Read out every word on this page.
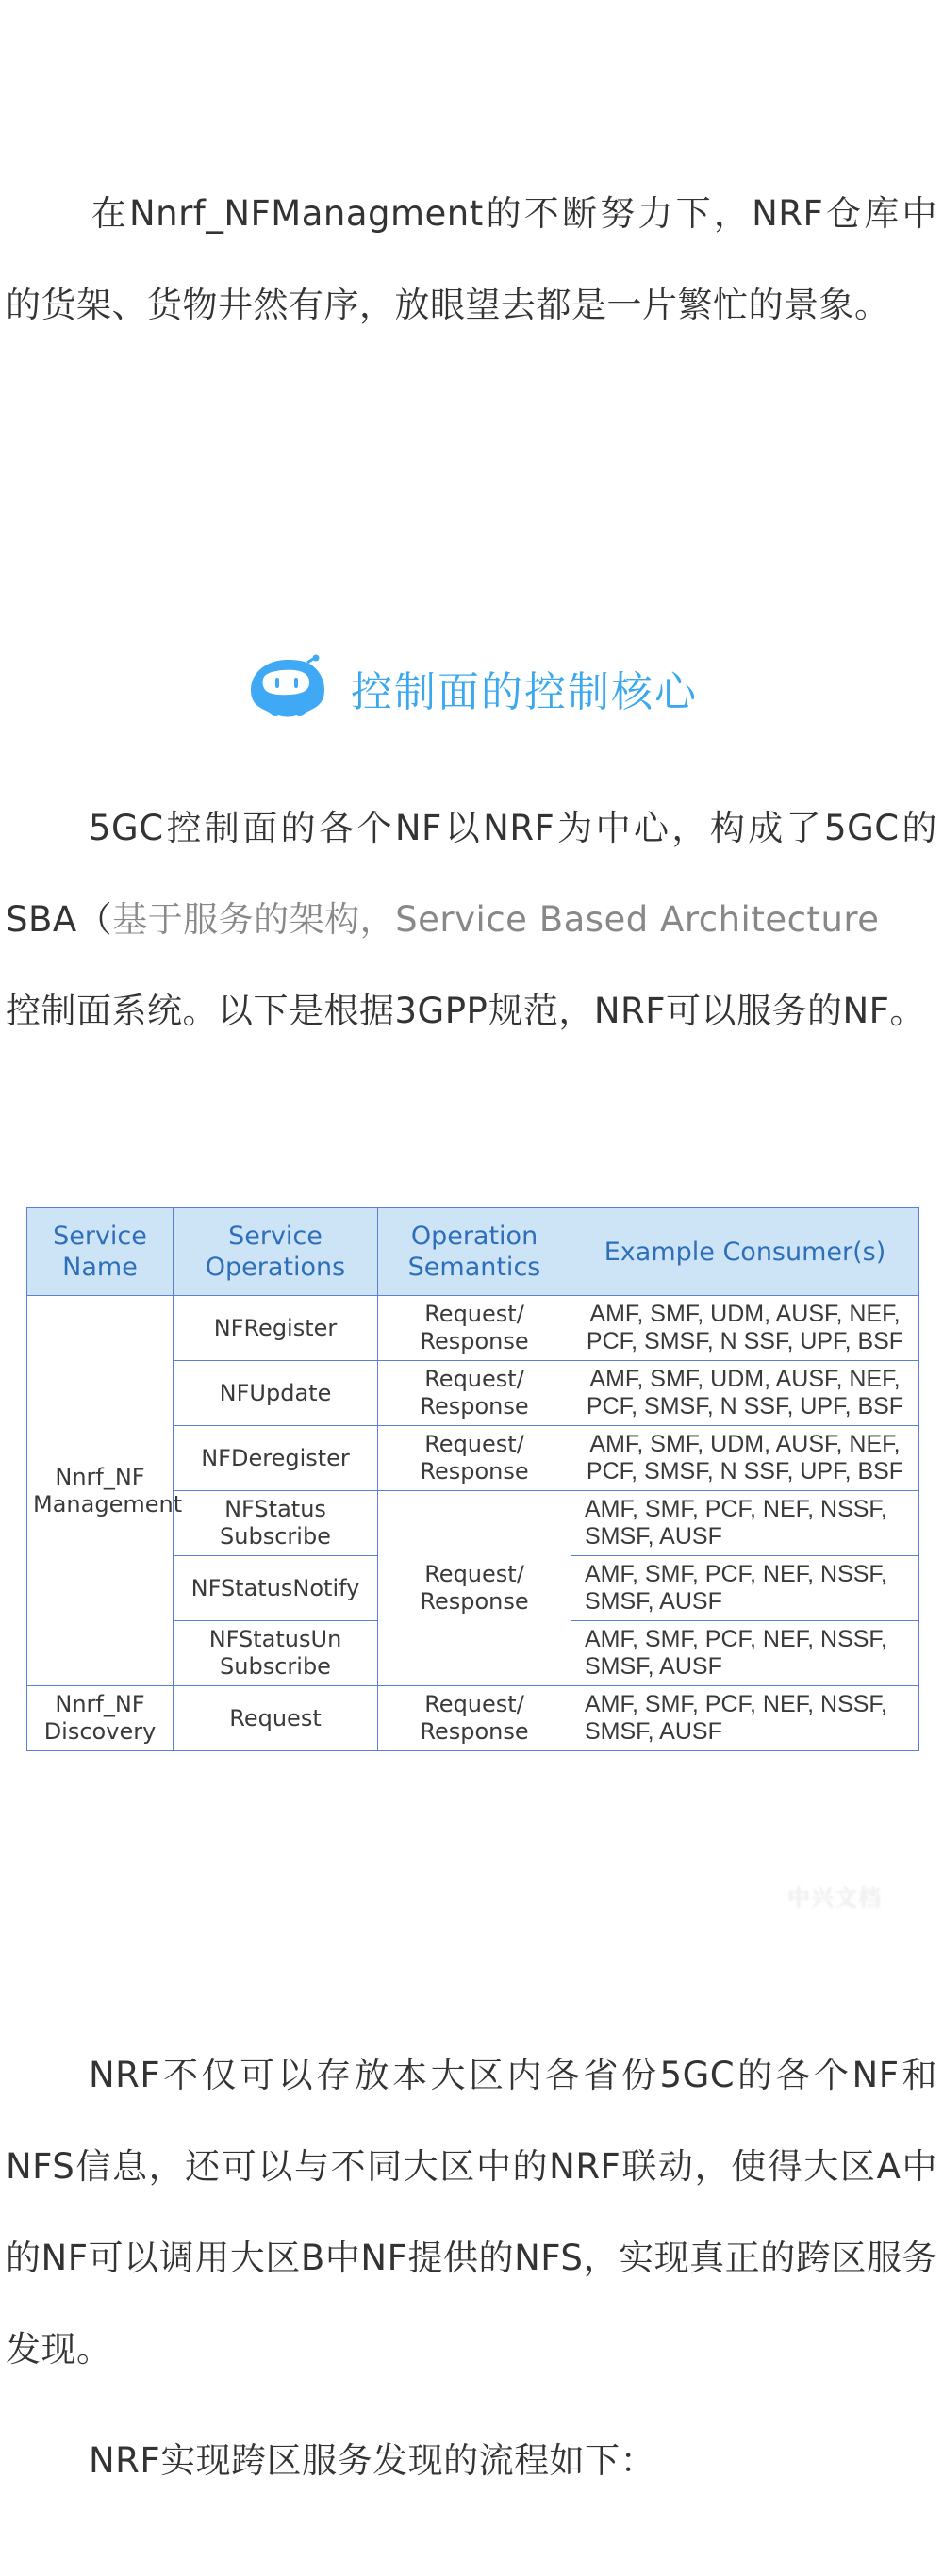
在Nnrf_NFManagment的不断努力下，NRF仓库中的货架、货物井然有序，放眼望去都是一片繁忙的景象。

控制面的控制核心

5GC控制面的各个NF以NRF为中心，构成了5GC的SBA（基于服务的架构，Service Based Architecture
控制面系统。以下是根据3GPP规范，NRF可以服务的NF。

Service Name	Service Operations	Operation Semantics	Example Consumer(s)
Nnrf_NF Management	NFRegister	Request/ Response	AMF, SMF, UDM, AUSF, NEF, PCF, SMSF, N SSF, UPF, BSF
	NFUpdate	Request/ Response	AMF, SMF, UDM, AUSF, NEF, PCF, SMSF, N SSF, UPF, BSF
	NFDeregister	Request/ Response	AMF, SMF, UDM, AUSF, NEF, PCF, SMSF, N SSF, UPF, BSF
	NFStatus Subscribe	Request/ Response	AMF, SMF, PCF, NEF, NSSF, SMSF, AUSF
	NFStatusNotify		AMF, SMF, PCF, NEF, NSSF, SMSF, AUSF
	NFStatusUn Subscribe		AMF, SMF, PCF, NEF, NSSF, SMSF, AUSF
Nnrf_NF Discovery	Request	Request/ Response	AMF, SMF, PCF, NEF, NSSF, SMSF, AUSF
中兴文档

NRF不仅可以存放本大区内各省份5GC的各个NF和NFS信息，还可以与不同大区中的NRF联动，使得大区A中的NF可以调用大区B中NF提供的NFS，实现真正的跨区服务发现。

NRF实现跨区服务发现的流程如下：
